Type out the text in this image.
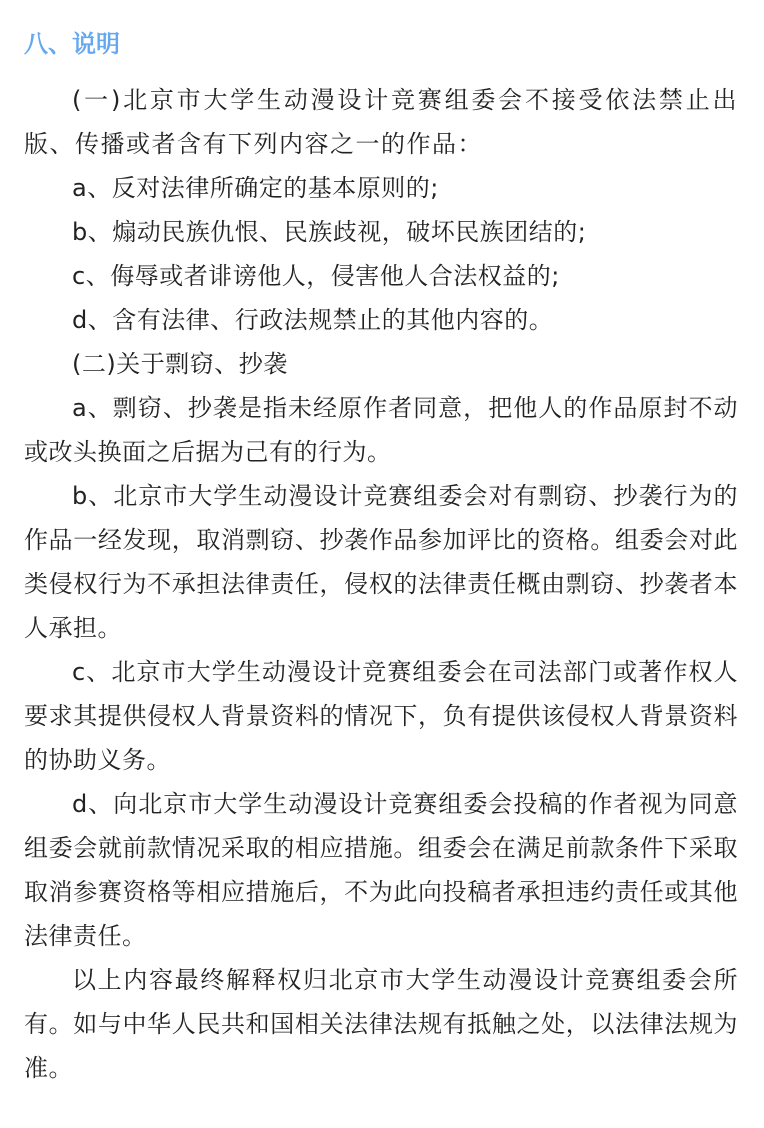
八、说明

(一)北京市大学生动漫设计竞赛组委会不接受依法禁止出版、传播或者含有下列内容之一的作品：

a、反对法律所确定的基本原则的;

b、煽动民族仇恨、民族歧视，破坏民族团结的;

c、侮辱或者诽谤他人，侵害他人合法权益的;

d、含有法律、行政法规禁止的其他内容的。

(二)关于剽窃、抄袭

a、剽窃、抄袭是指未经原作者同意，把他人的作品原封不动或改头换面之后据为己有的行为。

b、北京市大学生动漫设计竞赛组委会对有剽窃、抄袭行为的作品一经发现，取消剽窃、抄袭作品参加评比的资格。组委会对此类侵权行为不承担法律责任，侵权的法律责任概由剽窃、抄袭者本人承担。

c、北京市大学生动漫设计竞赛组委会在司法部门或著作权人要求其提供侵权人背景资料的情况下，负有提供该侵权人背景资料的协助义务。

d、向北京市大学生动漫设计竞赛组委会投稿的作者视为同意组委会就前款情况采取的相应措施。组委会在满足前款条件下采取取消参赛资格等相应措施后，不为此向投稿者承担违约责任或其他法律责任。

以上内容最终解释权归北京市大学生动漫设计竞赛组委会所有。如与中华人民共和国相关法律法规有抵触之处，以法律法规为准。
